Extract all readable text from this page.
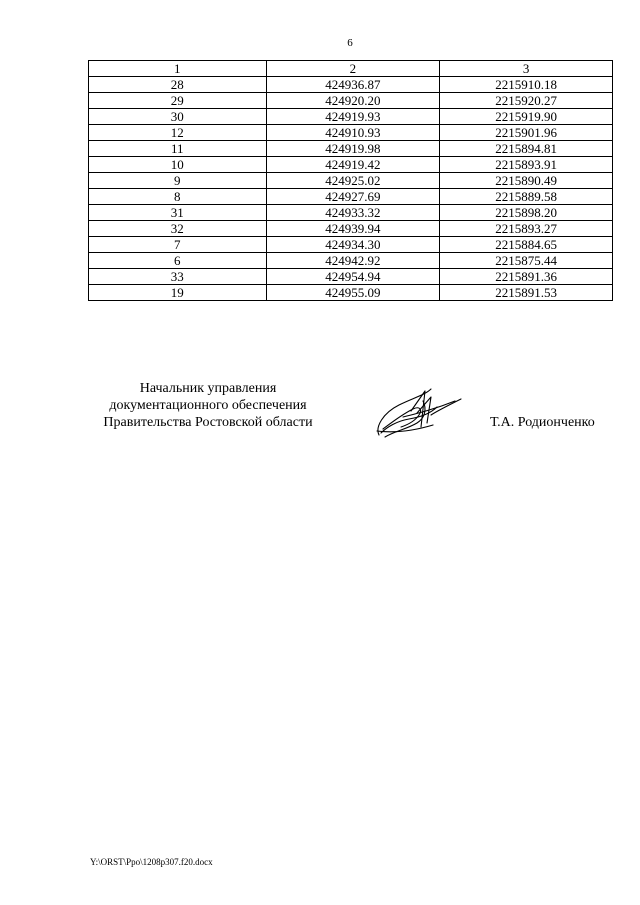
6
1	2	3
28	424936.87	2215910.18
29	424920.20	2215920.27
30	424919.93	2215919.90
12	424910.93	2215901.96
11	424919.98	2215894.81
10	424919.42	2215893.91
9	424925.02	2215890.49
8	424927.69	2215889.58
31	424933.32	2215898.20
32	424939.94	2215893.27
7	424934.30	2215884.65
6	424942.92	2215875.44
33	424954.94	2215891.36
19	424955.09	2215891.53
Начальник управления
документационного обеспечения
Правительства Ростовской области	Т.А. Родионченко
Y:\ORST\Ppo\1208p307.f20.docx
